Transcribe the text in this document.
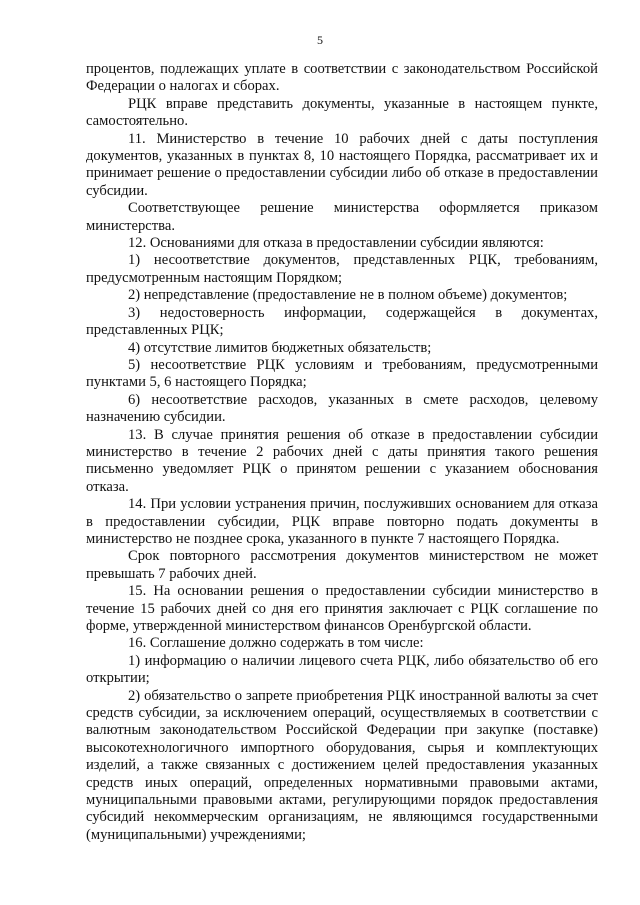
5

процентов, подлежащих уплате в соответствии с законодательством Российской Федерации о налогах и сборах.

РЦК вправе представить документы, указанные в настоящем пункте, самостоятельно.

11. Министерство в течение 10 рабочих дней с даты поступления документов, указанных в пунктах 8, 10 настоящего Порядка, рассматривает их и принимает решение о предоставлении субсидии либо об отказе в предоставлении субсидии.

Соответствующее решение министерства оформляется приказом министерства.

12. Основаниями для отказа в предоставлении субсидии являются:

1) несоответствие документов, представленных РЦК, требованиям, предусмотренным настоящим Порядком;

2) непредставление (предоставление не в полном объеме) документов;

3) недостоверность информации, содержащейся в документах, представленных РЦК;

4) отсутствие лимитов бюджетных обязательств;

5) несоответствие РЦК условиям и требованиям, предусмотренными пунктами 5, 6 настоящего Порядка;

6) несоответствие расходов, указанных в смете расходов, целевому назначению субсидии.

13. В случае принятия решения об отказе в предоставлении субсидии министерство в течение 2 рабочих дней с даты принятия такого решения письменно уведомляет РЦК о принятом решении с указанием обоснования отказа.

14. При условии устранения причин, послуживших основанием для отказа в предоставлении субсидии, РЦК вправе повторно подать документы в министерство не позднее срока, указанного в пункте 7 настоящего Порядка.

Срок повторного рассмотрения документов министерством не может превышать 7 рабочих дней.

15. На основании решения о предоставлении субсидии министерство в течение 15 рабочих дней со дня его принятия заключает с РЦК соглашение по форме, утвержденной министерством финансов Оренбургской области.

16. Соглашение должно содержать в том числе:

1) информацию о наличии лицевого счета РЦК, либо обязательство об его открытии;

2) обязательство о запрете приобретения РЦК иностранной валюты за счет средств субсидии, за исключением операций, осуществляемых в соответствии с валютным законодательством Российской Федерации при закупке (поставке) высокотехнологичного импортного оборудования, сырья и комплектующих изделий, а также связанных с достижением целей предоставления указанных средств иных операций, определенных нормативными правовыми актами, муниципальными правовыми актами, регулирующими порядок предоставления субсидий некоммерческим организациям, не являющимся государственными (муниципальными) учреждениями;
